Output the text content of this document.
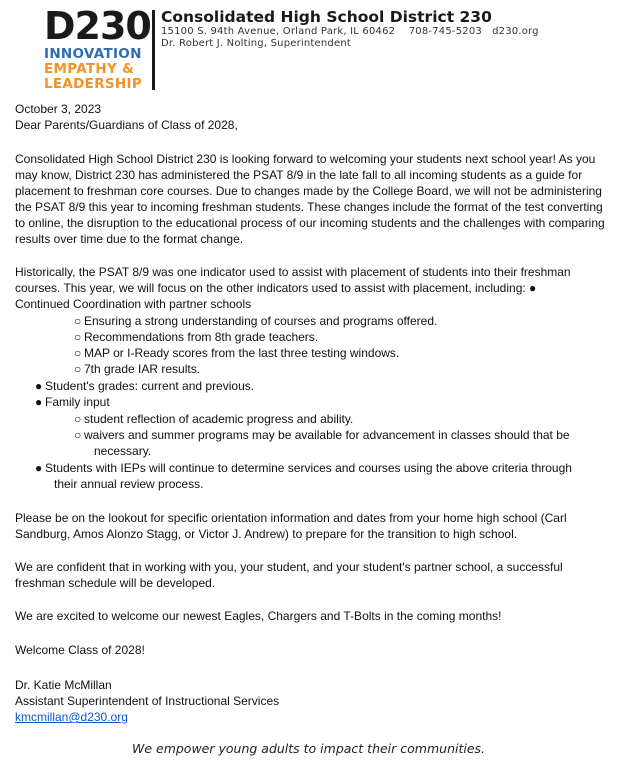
D230
INNOVATION
EMPATHY &
LEADERSHIP
Consolidated High School District 230
15100 S. 94th Avenue, Orland Park, IL 60462    708-745-5203   d230.org
Dr. Robert J. Nolting, Superintendent
October 3, 2023
Dear Parents/Guardians of Class of 2028,
Consolidated High School District 230 is looking forward to welcoming your students next school year! As you
may know, District 230 has administered the PSAT 8/9 in the late fall to all incoming students as a guide for
placement to freshman core courses. Due to changes made by the College Board, we will not be administering
the PSAT 8/9 this year to incoming freshman students. These changes include the format of the test converting
to online, the disruption to the educational process of our incoming students and the challenges with comparing
results over time due to the format change.
Historically, the PSAT 8/9 was one indicator used to assist with placement of students into their freshman
courses. This year, we will focus on the other indicators used to assist with placement, including: ●
Continued Coordination with partner schools
○ Ensuring a strong understanding of courses and programs offered.
○ Recommendations from 8th grade teachers.
○ MAP or I-Ready scores from the last three testing windows.
○ 7th grade IAR results.
● Student's grades: current and previous.
● Family input
○ student reflection of academic progress and ability.
○ waivers and summer programs may be available for advancement in classes should that be
necessary.
● Students with IEPs will continue to determine services and courses using the above criteria through
their annual review process.
Please be on the lookout for specific orientation information and dates from your home high school (Carl
Sandburg, Amos Alonzo Stagg, or Victor J. Andrew) to prepare for the transition to high school.
We are confident that in working with you, your student, and your student's partner school, a successful
freshman schedule will be developed.
We are excited to welcome our newest Eagles, Chargers and T-Bolts in the coming months!
Welcome Class of 2028!
Dr. Katie McMillan
Assistant Superintendent of Instructional Services
kmcmillan@d230.org
We empower young adults to impact their communities.
